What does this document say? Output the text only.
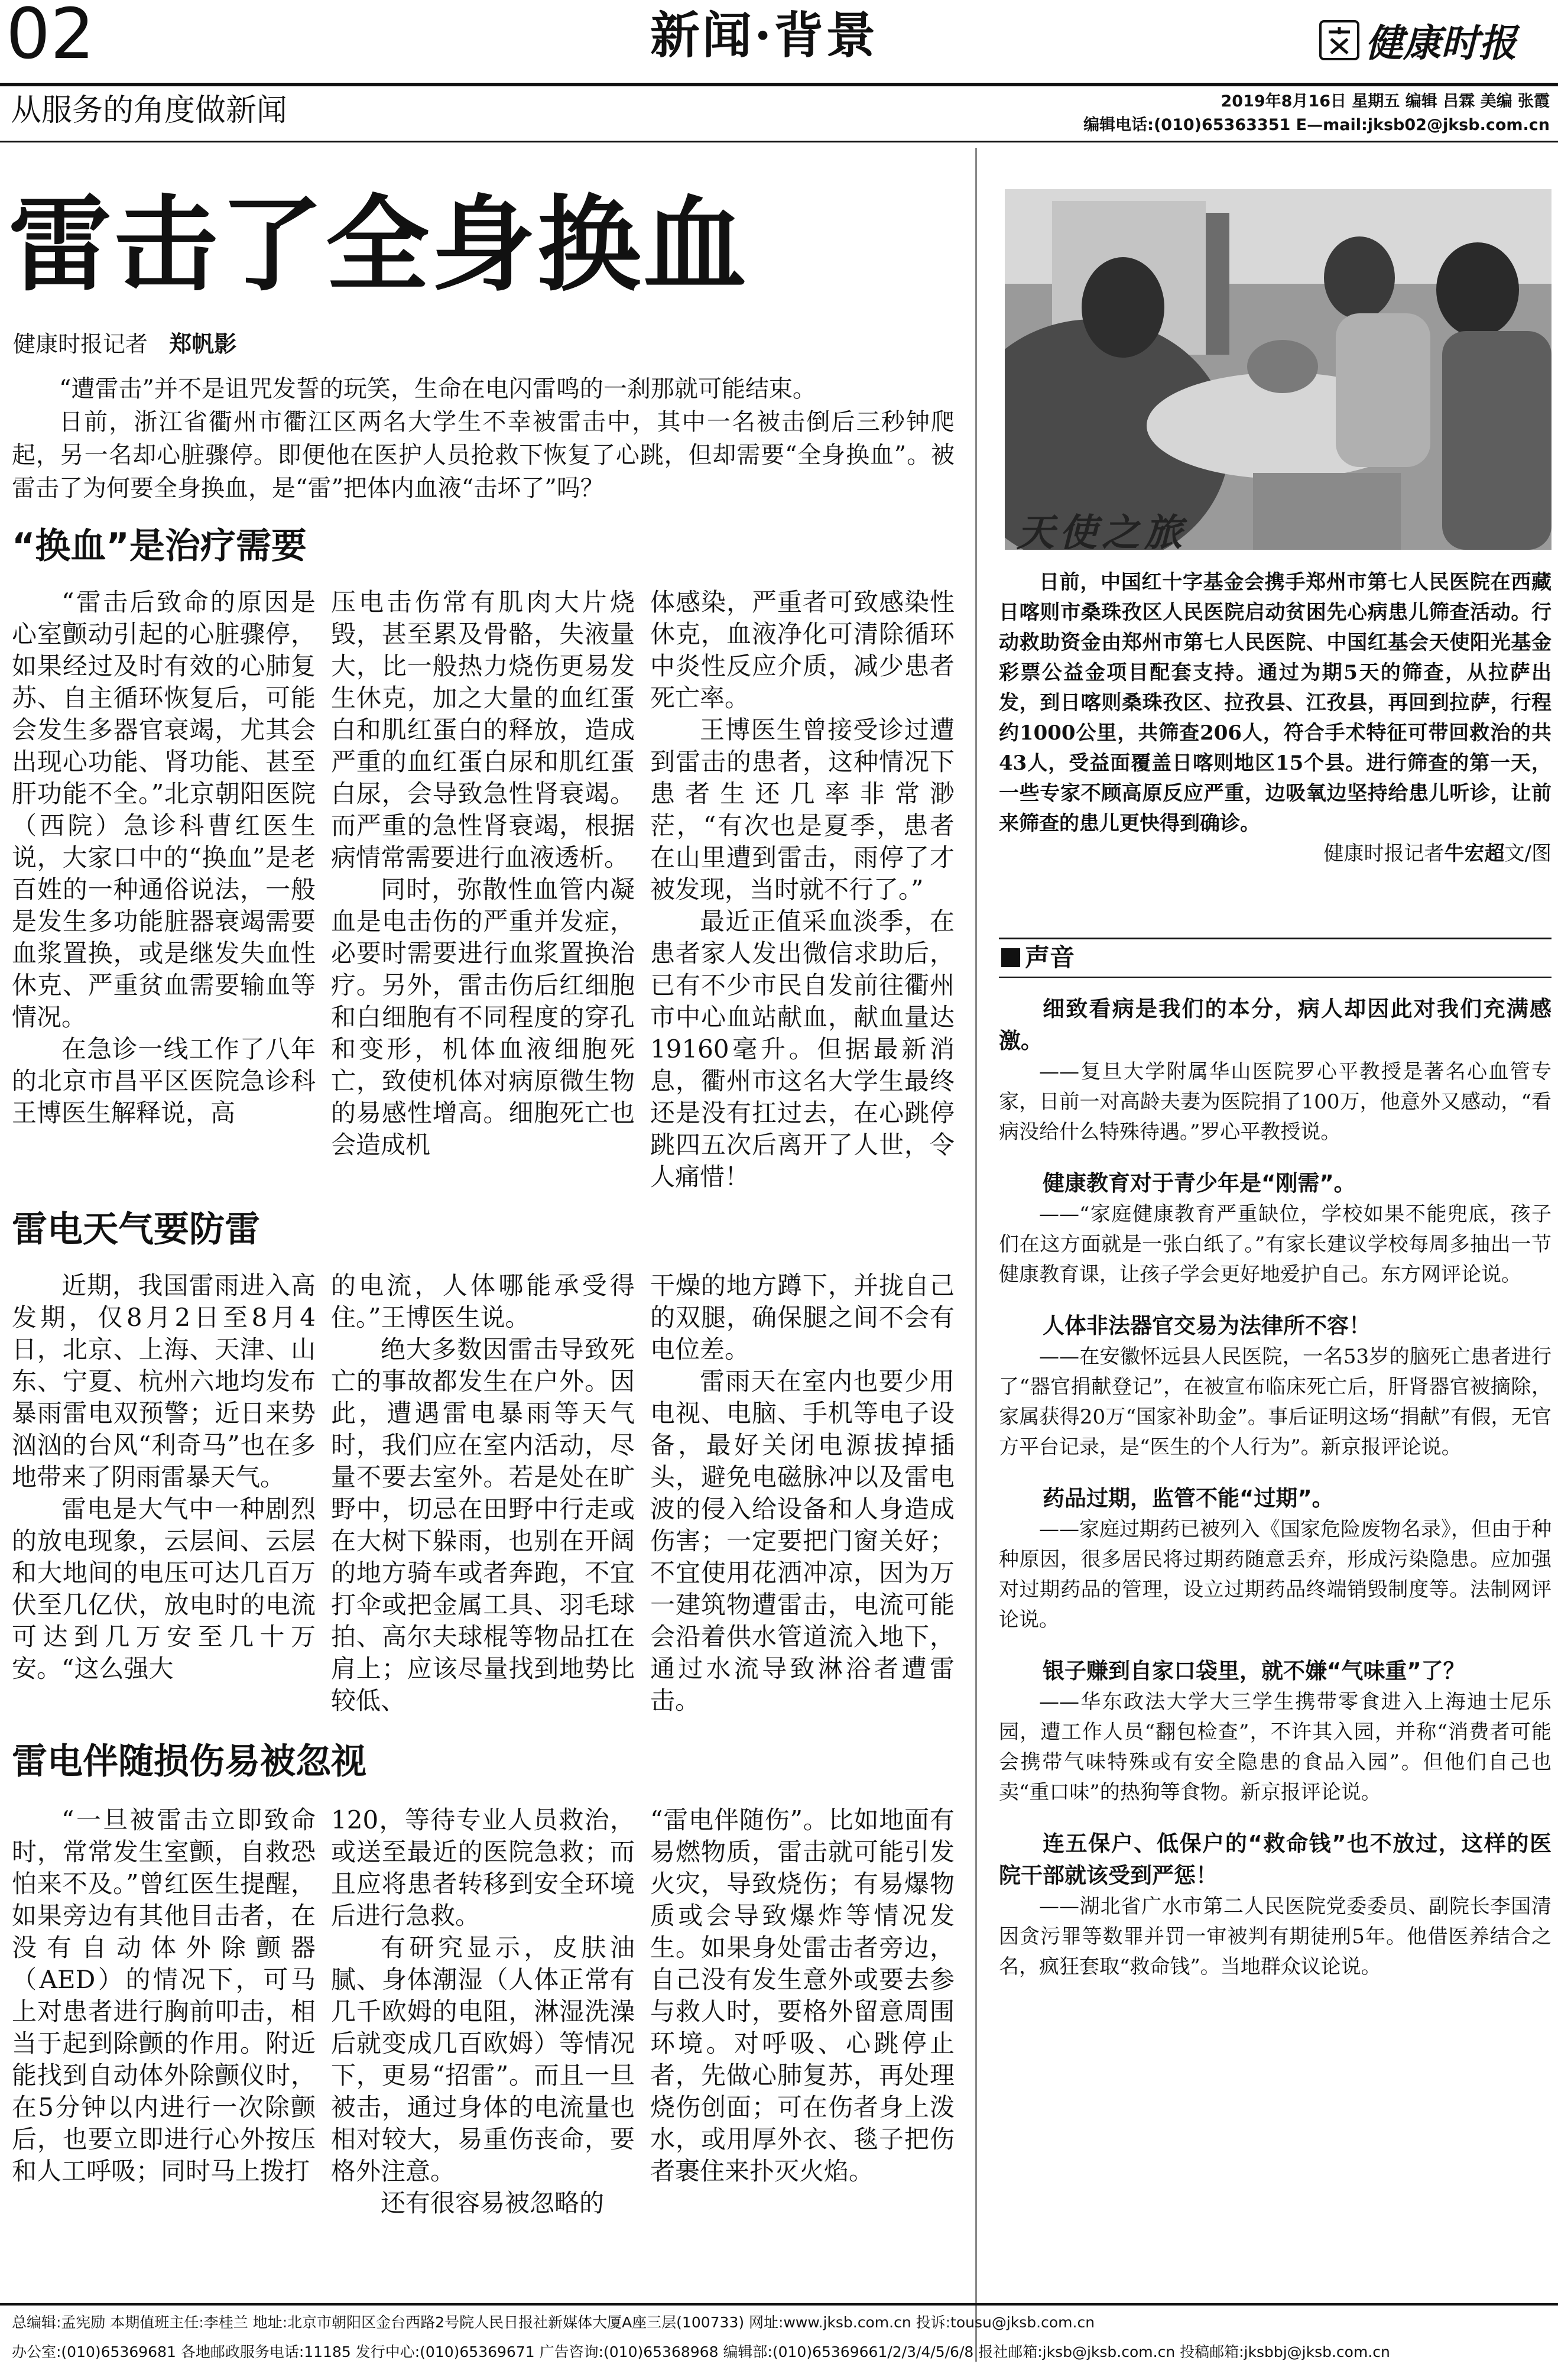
02	新闻·背景	健康时报
从服务的角度做新闻	2019年8月16日 星期五 编辑 吕霖 美编 张霞
编辑电话:(010)65363351 E—mail:jksb02@jksb.com.cn
雷击了全身换血
健康时报记者 郑帆影

“遭雷击”并不是诅咒发誓的玩笑，生命在电闪雷鸣的一刹那就可能结束。

日前，浙江省衢州市衢江区两名大学生不幸被雷击中，其中一名被击倒后三秒钟爬起，另一名却心脏骤停。即便他在医护人员抢救下恢复了心跳，但却需要“全身换血”。被雷击了为何要全身换血，是“雷”把体内血液“击坏了”吗？

“换血”是治疗需要

“雷击后致命的原因是心室颤动引起的心脏骤停，如果经过及时有效的心肺复苏、自主循环恢复后，可能会发生多器官衰竭，尤其会出现心功能、肾功能、甚至肝功能不全。”北京朝阳医院（西院）急诊科曹红医生说，大家口中的“换血”是老百姓的一种通俗说法，一般是发生多功能脏器衰竭需要血浆置换，或是继发失血性休克、严重贫血需要输血等情况。

在急诊一线工作了八年的北京市昌平区医院急诊科王博医生解释说，高

压电击伤常有肌肉大片烧毁，甚至累及骨骼，失液量大，比一般热力烧伤更易发生休克，加之大量的血红蛋白和肌红蛋白的释放，造成严重的血红蛋白尿和肌红蛋白尿，会导致急性肾衰竭。而严重的急性肾衰竭，根据病情常需要进行血液透析。

同时，弥散性血管内凝血是电击伤的严重并发症，必要时需要进行血浆置换治疗。另外，雷击伤后红细胞和白细胞有不同程度的穿孔和变形，机体血液细胞死亡，致使机体对病原微生物的易感性增高。细胞死亡也会造成机

体感染，严重者可致感染性休克，血液净化可清除循环中炎性反应介质，减少患者死亡率。

王博医生曾接受诊过遭到雷击的患者，这种情况下患者生还几率非常渺茫，“有次也是夏季，患者在山里遭到雷击，雨停了才被发现，当时就不行了。”

最近正值采血淡季，在患者家人发出微信求助后，已有不少市民自发前往衢州市中心血站献血，献血量达19160毫升。但据最新消息，衢州市这名大学生最终还是没有扛过去，在心跳停跳四五次后离开了人世，令人痛惜！

雷电天气要防雷

近期，我国雷雨进入高发期，仅8月2日至8月4日，北京、上海、天津、山东、宁夏、杭州六地均发布暴雨雷电双预警；近日来势汹汹的台风“利奇马”也在多地带来了阴雨雷暴天气。

雷电是大气中一种剧烈的放电现象，云层间、云层和大地间的电压可达几百万伏至几亿伏，放电时的电流可达到几万安至几十万安。“这么强大

的电流，人体哪能承受得住。”王博医生说。

绝大多数因雷击导致死亡的事故都发生在户外。因此，遭遇雷电暴雨等天气时，我们应在室内活动，尽量不要去室外。若是处在旷野中，切忌在田野中行走或在大树下躲雨，也别在开阔的地方骑车或者奔跑，不宜打伞或把金属工具、羽毛球拍、高尔夫球棍等物品扛在肩上；应该尽量找到地势比较低、

干燥的地方蹲下，并拢自己的双腿，确保腿之间不会有电位差。

雷雨天在室内也要少用电视、电脑、手机等电子设备，最好关闭电源拔掉插头，避免电磁脉冲以及雷电波的侵入给设备和人身造成伤害；一定要把门窗关好；不宜使用花洒冲凉，因为万一建筑物遭雷击，电流可能会沿着供水管道流入地下，通过水流导致淋浴者遭雷击。

雷电伴随损伤易被忽视

“一旦被雷击立即致命时，常常发生室颤，自救恐怕来不及。”曾红医生提醒，如果旁边有其他目击者，在没有自动体外除颤器（AED）的情况下，可马上对患者进行胸前叩击，相当于起到除颤的作用。附近能找到自动体外除颤仪时，在5分钟以内进行一次除颤后，也要立即进行心外按压和人工呼吸；同时马上拨打

120，等待专业人员救治，或送至最近的医院急救；而且应将患者转移到安全环境后进行急救。

有研究显示，皮肤油腻、身体潮湿（人体正常有几千欧姆的电阻，淋湿洗澡后就变成几百欧姆）等情况下，更易“招雷”。而且一旦被击，通过身体的电流量也相对较大，易重伤丧命，要格外注意。

还有很容易被忽略的

“雷电伴随伤”。比如地面有易燃物质，雷击就可能引发火灾，导致烧伤；有易爆物质或会导致爆炸等情况发生。如果身处雷击者旁边，自己没有发生意外或要去参与救人时，要格外留意周围环境。对呼吸、心跳停止者，先做心肺复苏，再处理烧伤创面；可在伤者身上泼水，或用厚外衣、毯子把伤者裹住来扑灭火焰。

天使之旅
日前，中国红十字基金会携手郑州市第七人民医院在西藏日喀则市桑珠孜区人民医院启动贫困先心病患儿筛查活动。行动救助资金由郑州市第七人民医院、中国红基会天使阳光基金彩票公益金项目配套支持。通过为期5天的筛查，从拉萨出发，到日喀则桑珠孜区、拉孜县、江孜县，再回到拉萨，行程约1000公里，共筛查206人，符合手术特征可带回救治的共43人，受益面覆盖日喀则地区15个县。进行筛查的第一天，一些专家不顾高原反应严重，边吸氧边坚持给患儿听诊，让前来筛查的患儿更快得到确诊。
健康时报记者牛宏超文/图
声音
细致看病是我们的本分，病人却因此对我们充满感激。
——复旦大学附属华山医院罗心平教授是著名心血管专家，日前一对高龄夫妻为医院捐了100万，他意外又感动，“看病没给什么特殊待遇。”罗心平教授说。
健康教育对于青少年是“刚需”。
——“家庭健康教育严重缺位，学校如果不能兜底，孩子们在这方面就是一张白纸了。”有家长建议学校每周多抽出一节健康教育课，让孩子学会更好地爱护自己。东方网评论说。
人体非法器官交易为法律所不容！
——在安徽怀远县人民医院，一名53岁的脑死亡患者进行了“器官捐献登记”，在被宣布临床死亡后，肝肾器官被摘除，家属获得20万“国家补助金”。事后证明这场“捐献”有假，无官方平台记录，是“医生的个人行为”。新京报评论说。
药品过期，监管不能“过期”。
——家庭过期药已被列入《国家危险废物名录》，但由于种种原因，很多居民将过期药随意丢弃，形成污染隐患。应加强对过期药品的管理，设立过期药品终端销毁制度等。法制网评论说。
银子赚到自家口袋里，就不嫌“气味重”了？
——华东政法大学大三学生携带零食进入上海迪士尼乐园，遭工作人员“翻包检查”，不许其入园，并称“消费者可能会携带气味特殊或有安全隐患的食品入园”。但他们自己也卖“重口味”的热狗等食物。新京报评论说。
连五保户、低保户的“救命钱”也不放过，这样的医院干部就该受到严惩！
——湖北省广水市第二人民医院党委委员、副院长李国清因贪污罪等数罪并罚一审被判有期徒刑5年。他借医养结合之名，疯狂套取“救命钱”。当地群众议论说。
总编辑:孟宪励 本期值班主任:李桂兰 地址:北京市朝阳区金台西路2号院人民日报社新媒体大厦A座三层(100733) 网址:www.jksb.com.cn 投诉:tousu@jksb.com.cn
办公室:(010)65369681 各地邮政服务电话:11185 发行中心:(010)65369671 广告咨询:(010)65368968 编辑部:(010)65369661/2/3/4/5/6/8 报社邮箱:jksb@jksb.com.cn 投稿邮箱:jksbbj@jksb.com.cn
